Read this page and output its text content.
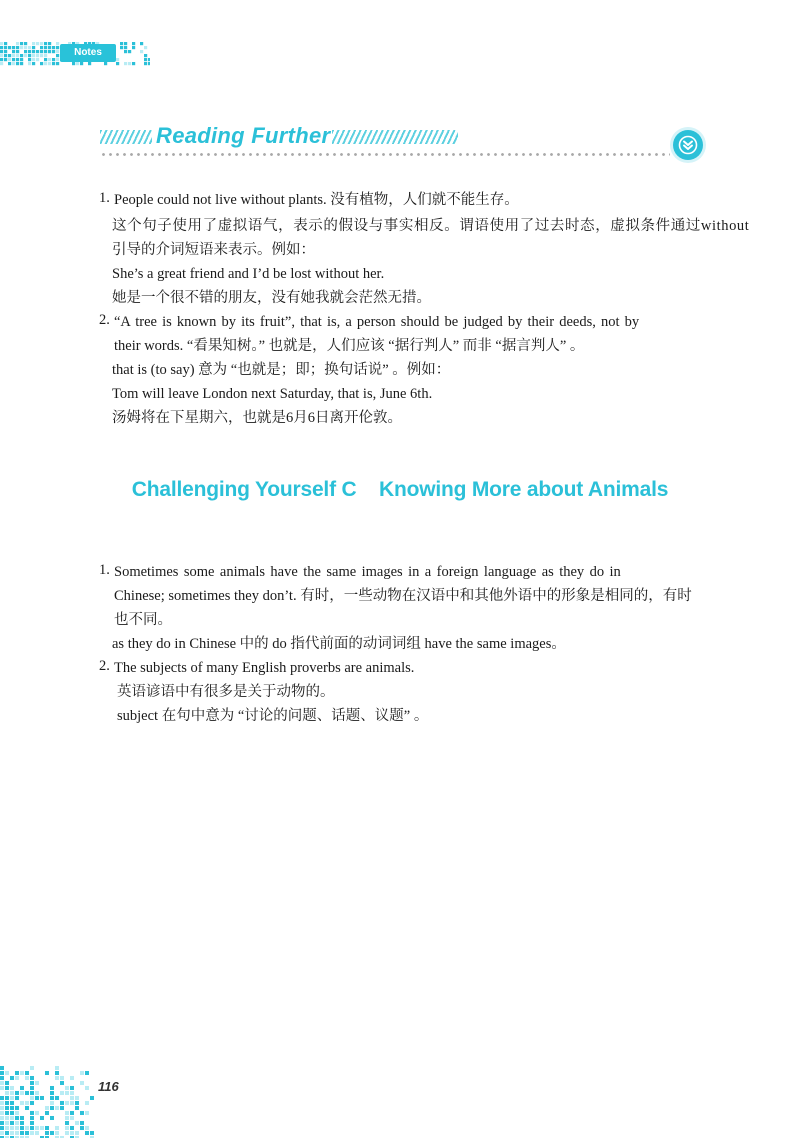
Notes
Reading Further
1. People could not live without plants. 没有植物，人们就不能生存。
这个句子使用了虚拟语气，表示的假设与事实相反。谓语使用了过去时态，虚拟条件通过without
引导的介词短语来表示。例如：
She’s a great friend and I’d be lost without her.
她是一个很不错的朋友，没有她我就会茫然无措。
2. “A tree is known by its fruit”, that is, a person should be judged by their deeds, not by
their words. “看果知树。” 也就是，人们应该 “据行判人” 而非 “据言判人” 。
that is (to say) 意为 “也就是；即；换句话说” 。例如：
Tom will leave London next Saturday, that is, June 6th.
汤姆将在下星期六，也就是6月6日离开伦敦。
Challenging Yourself C    Knowing More about Animals
1. Sometimes some animals have the same images in a foreign language as they do in
Chinese; sometimes they don’t. 有时，一些动物在汉语中和其他外语中的形象是相同的，有时
也不同。
as they do in Chinese 中的 do 指代前面的动词词组 have the same images。
2. The subjects of many English proverbs are animals.
英语谚语中有很多是关于动物的。
subject 在句中意为 “讨论的问题、话题、议题” 。
116
